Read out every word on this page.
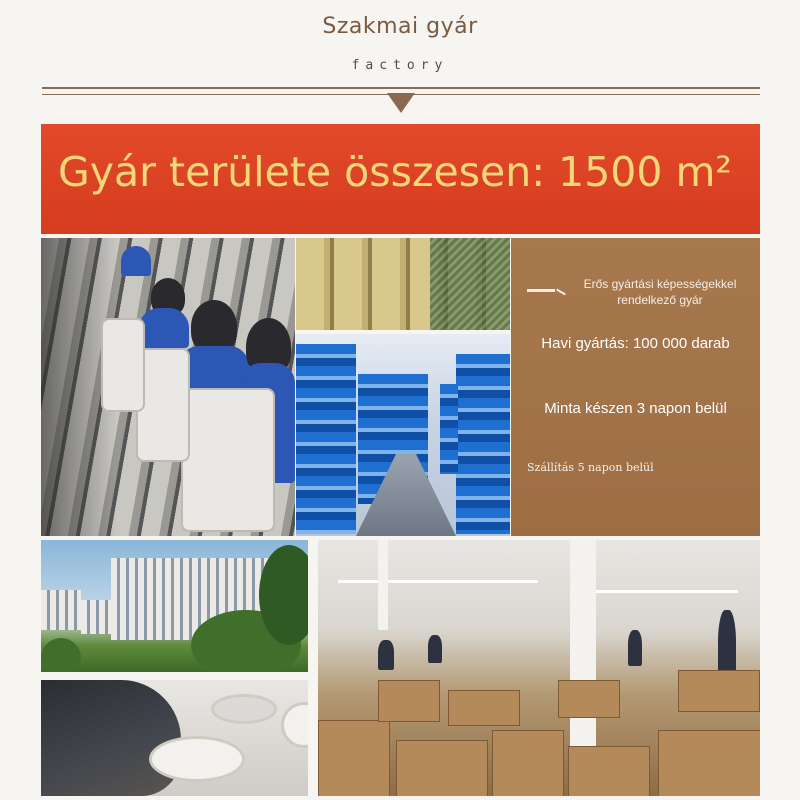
Szakmai gyár
factory
Gyár területe összesen: 1500 m²
Erős gyártási képességekkel rendelkező gyár
Havi gyártás: 100 000 darab
Minta készen 3 napon belül
Szállítás 5 napon belül
